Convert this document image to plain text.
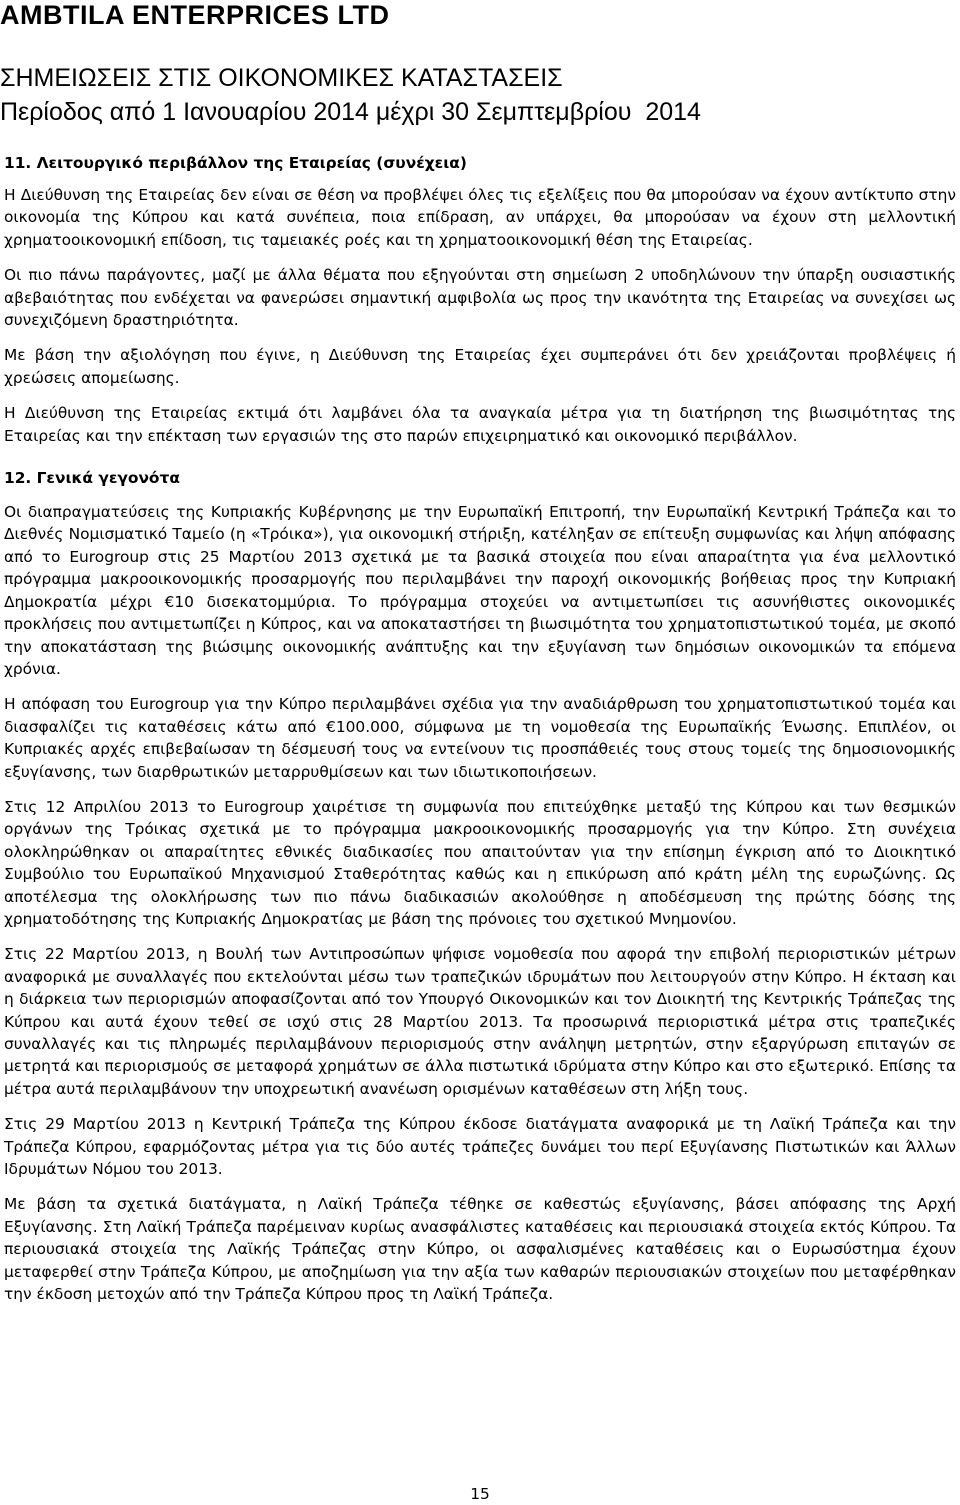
AMBTILA ENTERPRICES LTD
ΣΗΜΕΙΩΣΕΙΣ ΣΤΙΣ ΟΙΚΟΝΟΜΙΚΕΣ ΚΑΤΑΣΤΑΣΕΙΣ
Περίοδος από 1 Ιανουαρίου 2014 μέχρι 30 Σεμπτεμβρίου  2014
11. Λειτουργικό περιβάλλον της Εταιρείας (συνέχεια)

Η Διεύθυνση της Εταιρείας δεν είναι σε θέση να προβλέψει όλες τις εξελίξεις που θα μπορούσαν να έχουν αντίκτυπο στην οικονομία της Κύπρου και κατά συνέπεια, ποια επίδραση, αν υπάρχει, θα μπορούσαν να έχουν στη μελλοντική χρηματοοικονομική επίδοση, τις ταμειακές ροές και τη χρηματοοικονομική θέση της Εταιρείας.

Οι πιο πάνω παράγοντες, μαζί με άλλα θέματα που εξηγούνται στη σημείωση 2 υποδηλώνουν την ύπαρξη ουσιαστικής αβεβαιότητας που ενδέχεται να φανερώσει σημαντική αμφιβολία ως προς την ικανότητα της Εταιρείας να συνεχίσει ως συνεχιζόμενη δραστηριότητα.

Με βάση την αξιολόγηση που έγινε, η Διεύθυνση της Εταιρείας έχει συμπεράνει ότι δεν χρειάζονται προβλέψεις ή χρεώσεις απομείωσης.

Η Διεύθυνση της Εταιρείας εκτιμά ότι λαμβάνει όλα τα αναγκαία μέτρα για τη διατήρηση της βιωσιμότητας της Εταιρείας και την επέκταση των εργασιών της στο παρών επιχειρηματικό και οικονομικό περιβάλλον.

12. Γενικά γεγονότα

Οι διαπραγματεύσεις της Κυπριακής Κυβέρνησης με την Ευρωπαϊκή Επιτροπή, την Ευρωπαϊκή Κεντρική Τράπεζα και το Διεθνές Νομισματικό Ταμείο (η «Τρόικα»), για οικονομική στήριξη, κατέληξαν σε επίτευξη συμφωνίας και λήψη απόφασης από το Eurogroup στις 25 Μαρτίου 2013 σχετικά με τα βασικά στοιχεία που είναι απαραίτητα για ένα μελλοντικό πρόγραμμα μακροοικονομικής προσαρμογής που περιλαμβάνει την παροχή οικονομικής βοήθειας προς την Κυπριακή Δημοκρατία μέχρι €10 δισεκατομμύρια. Το πρόγραμμα στοχεύει να αντιμετωπίσει τις ασυνήθιστες οικονομικές προκλήσεις που αντιμετωπίζει η Κύπρος, και να αποκαταστήσει τη βιωσιμότητα του χρηματοπιστωτικού τομέα, με σκοπό την αποκατάσταση της βιώσιμης οικονομικής ανάπτυξης και την εξυγίανση των δημόσιων οικονομικών τα επόμενα χρόνια.

Η απόφαση του Eurogroup για την Κύπρο περιλαμβάνει σχέδια για την αναδιάρθρωση του χρηματοπιστωτικού τομέα και διασφαλίζει τις καταθέσεις κάτω από €100.000, σύμφωνα με τη νομοθεσία της Ευρωπαϊκής Ένωσης. Επιπλέον, οι Κυπριακές αρχές επιβεβαίωσαν τη δέσμευσή τους να εντείνουν τις προσπάθειές τους στους τομείς της δημοσιονομικής εξυγίανσης, των διαρθρωτικών μεταρρυθμίσεων και των ιδιωτικοποιήσεων.

Στις 12 Απριλίου 2013 το Eurogroup χαιρέτισε τη συμφωνία που επιτεύχθηκε μεταξύ της Κύπρου και των θεσμικών οργάνων της Τρόικας σχετικά με το πρόγραμμα μακροοικονομικής προσαρμογής για την Κύπρο. Στη συνέχεια ολοκληρώθηκαν οι απαραίτητες εθνικές διαδικασίες που απαιτούνταν για την επίσημη έγκριση από το Διοικητικό Συμβούλιο του Ευρωπαϊκού Μηχανισμού Σταθερότητας καθώς και η επικύρωση από κράτη μέλη της ευρωζώνης. Ως αποτέλεσμα της ολοκλήρωσης των πιο πάνω διαδικασιών ακολούθησε η αποδέσμευση της πρώτης δόσης της χρηματοδότησης της Κυπριακής Δημοκρατίας με βάση της πρόνοιες του σχετικού Μνημονίου.

Στις 22 Μαρτίου 2013, η Βουλή των Αντιπροσώπων ψήφισε νομοθεσία που αφορά την επιβολή περιοριστικών μέτρων αναφορικά με συναλλαγές που εκτελούνται μέσω των τραπεζικών ιδρυμάτων που λειτουργούν στην Κύπρο. Η έκταση και η διάρκεια των περιορισμών αποφασίζονται από τον Υπουργό Οικονομικών και τον Διοικητή της Κεντρικής Τράπεζας της Κύπρου και αυτά έχουν τεθεί σε ισχύ στις 28 Μαρτίου 2013. Τα προσωρινά περιοριστικά μέτρα στις τραπεζικές συναλλαγές και τις πληρωμές περιλαμβάνουν περιορισμούς στην ανάληψη μετρητών, στην εξαργύρωση επιταγών σε μετρητά και περιορισμούς σε μεταφορά χρημάτων σε άλλα πιστωτικά ιδρύματα στην Κύπρο και στο εξωτερικό. Επίσης τα μέτρα αυτά περιλαμβάνουν την υποχρεωτική ανανέωση ορισμένων καταθέσεων στη λήξη τους.

Στις 29 Μαρτίου 2013 η Κεντρική Τράπεζα της Κύπρου έκδοσε διατάγματα αναφορικά με τη Λαϊκή Τράπεζα και την Τράπεζα Κύπρου, εφαρμόζοντας μέτρα για τις δύο αυτές τράπεζες δυνάμει του περί Εξυγίανσης Πιστωτικών και Άλλων Ιδρυμάτων Νόμου του 2013.

Με βάση τα σχετικά διατάγματα, η Λαϊκή Τράπεζα τέθηκε σε καθεστώς εξυγίανσης, βάσει απόφασης της Αρχή Εξυγίανσης. Στη Λαϊκή Τράπεζα παρέμειναν κυρίως ανασφάλιστες καταθέσεις και περιουσιακά στοιχεία εκτός Κύπρου. Τα περιουσιακά στοιχεία της Λαϊκής Τράπεζας στην Κύπρο, οι ασφαλισμένες καταθέσεις και ο Ευρωσύστημα έχουν μεταφερθεί στην Τράπεζα Κύπρου, με αποζημίωση για την αξία των καθαρών περιουσιακών στοιχείων που μεταφέρθηκαν την έκδοση μετοχών από την Τράπεζα Κύπρου προς τη Λαϊκή Τράπεζα.

15
